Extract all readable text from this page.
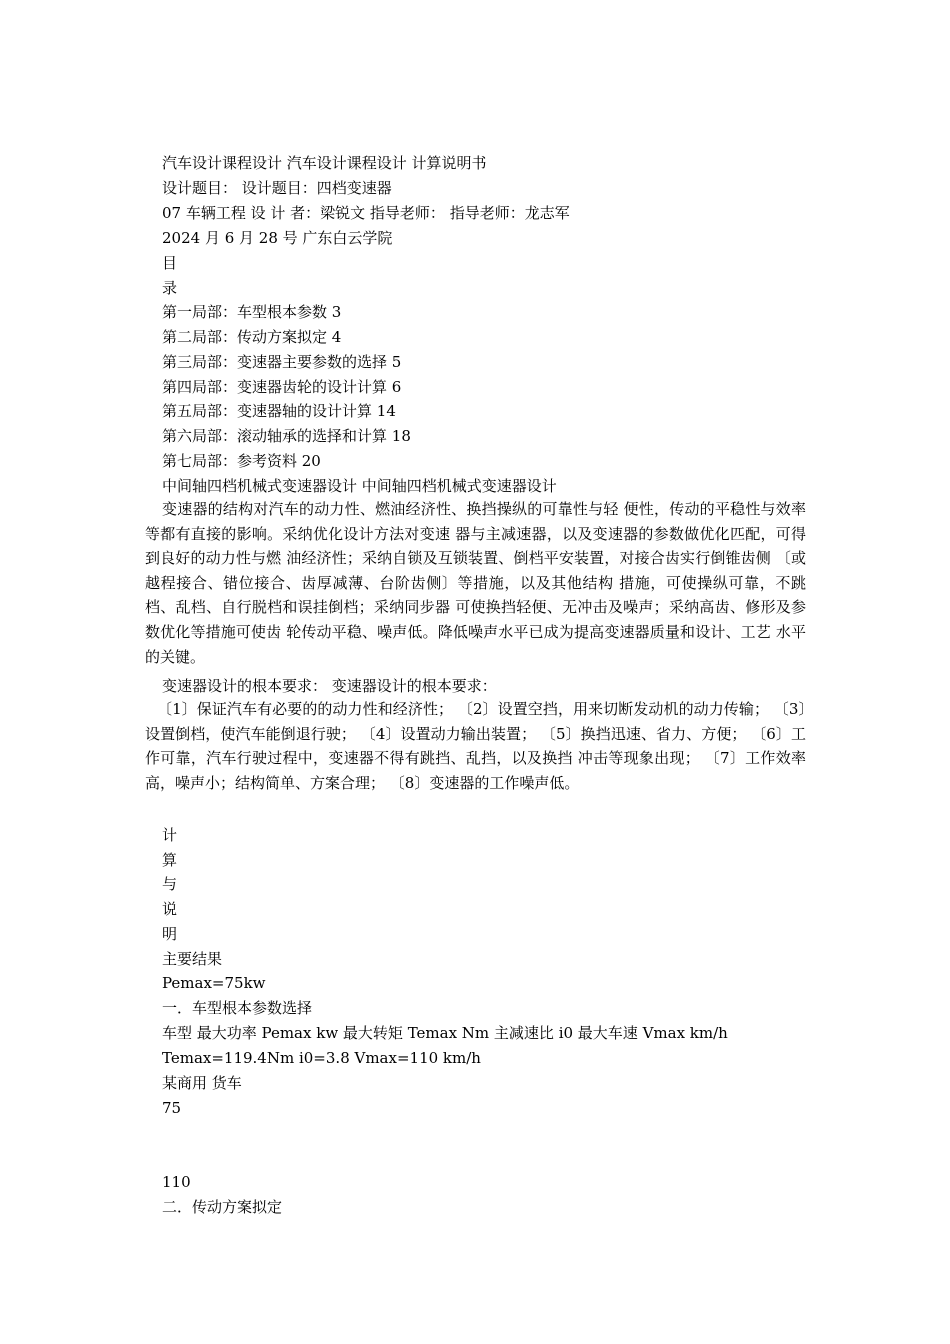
汽车设计课程设计 汽车设计课程设计 计算说明书
设计题目： 设计题目：四档变速器
07 车辆工程 设 计 者：梁锐文 指导老师： 指导老师：龙志军
2024 月 6 月 28 号 广东白云学院
目
录
第一局部：车型根本参数 3
第二局部：传动方案拟定 4
第三局部：变速器主要参数的选择 5
第四局部：变速器齿轮的设计计算 6
第五局部：变速器轴的设计计算 14
第六局部：滚动轴承的选择和计算 18
第七局部：参考资料 20
中间轴四档机械式变速器设计 中间轴四档机械式变速器设计

变速器的结构对汽车的动力性、燃油经济性、换挡操纵的可靠性与轻 便性，传动的平稳性与效率等都有直接的影响。采纳优化设计方法对变速 器与主减速器，以及变速器的参数做优化匹配，可得到良好的动力性与燃 油经济性；采纳自锁及互锁装置、倒档平安装置，对接合齿实行倒锥齿侧 〔或越程接合、错位接合、齿厚减薄、台阶齿侧〕等措施，以及其他结构 措施，可使操纵可靠，不跳档、乱档、自行脱档和误挂倒档；采纳同步器 可使换挡轻便、无冲击及噪声；采纳高齿、修形及参数优化等措施可使齿 轮传动平稳、噪声低。降低噪声水平已成为提高变速器质量和设计、工艺 水平的关键。

变速器设计的根本要求： 变速器设计的根本要求：

〔1〕保证汽车有必要的的动力性和经济性； 〔2〕设置空挡，用来切断发动机的动力传输； 〔3〕设置倒档，使汽车能倒退行驶； 〔4〕设置动力输出装置； 〔5〕换挡迅速、省力、方便； 〔6〕工作可靠，汽车行驶过程中，变速器不得有跳挡、乱挡，以及换挡 冲击等现象出现； 〔7〕工作效率高，噪声小；结构简单、方案合理； 〔8〕变速器的工作噪声低。

计
算
与
说
明
主要结果
Pemax=75kw
一．车型根本参数选择
车型 最大功率 Pemax kw 最大转矩 Temax Nm 主减速比 i0 最大车速 Vmax km/h
Temax=119.4Nm i0=3.8 Vmax=110 km/h
某商用 货车
75
110
二．传动方案拟定
